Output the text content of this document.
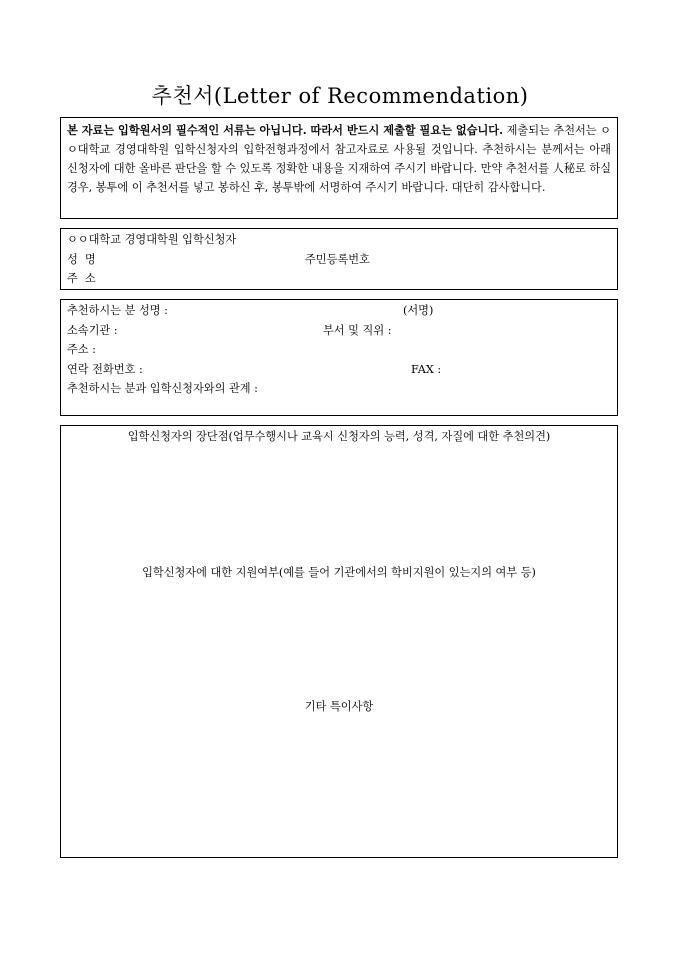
추천서(Letter of Recommendation)

본 자료는 입학원서의 필수적인 서류는 아닙니다. 따라서 반드시 제출할 필요는 없습니다. 제출되는 추천서는 ㅇㅇ대학교 경영대학원 입학신청자의 입학전형과정에서 참고자료로 사용될 것입니다. 추천하시는 분께서는 아래 신청자에 대한 올바른 판단을 할 수 있도록 정확한 내용을 지재하여 주시기 바랍니다. 만약 추천서를 人秘로 하실 경우, 봉투에 이 추천서를 넣고 봉하신 후, 봉투밖에 서명하여 주시기 바랍니다. 대단히 감사합니다.

ㅇㅇ대학교 경영대학원 입학신청자
성  명	주민등록번호
주  소
추천하시는 분 성명 :	(서명)
소속기관 :	부서 및 직위 :
주소 :
연락 전화번호 :	FAX :
추천하시는 분과 입학신청자와의 관계 :
입학신청자의 장단점(업무수행시나 교육시 신청자의 능력, 성격, 자질에 대한 추천의견)
입학신청자에 대한 지원여부(예를 들어 기관에서의 학비지원이 있는지의 여부 등)
기타 특이사항
